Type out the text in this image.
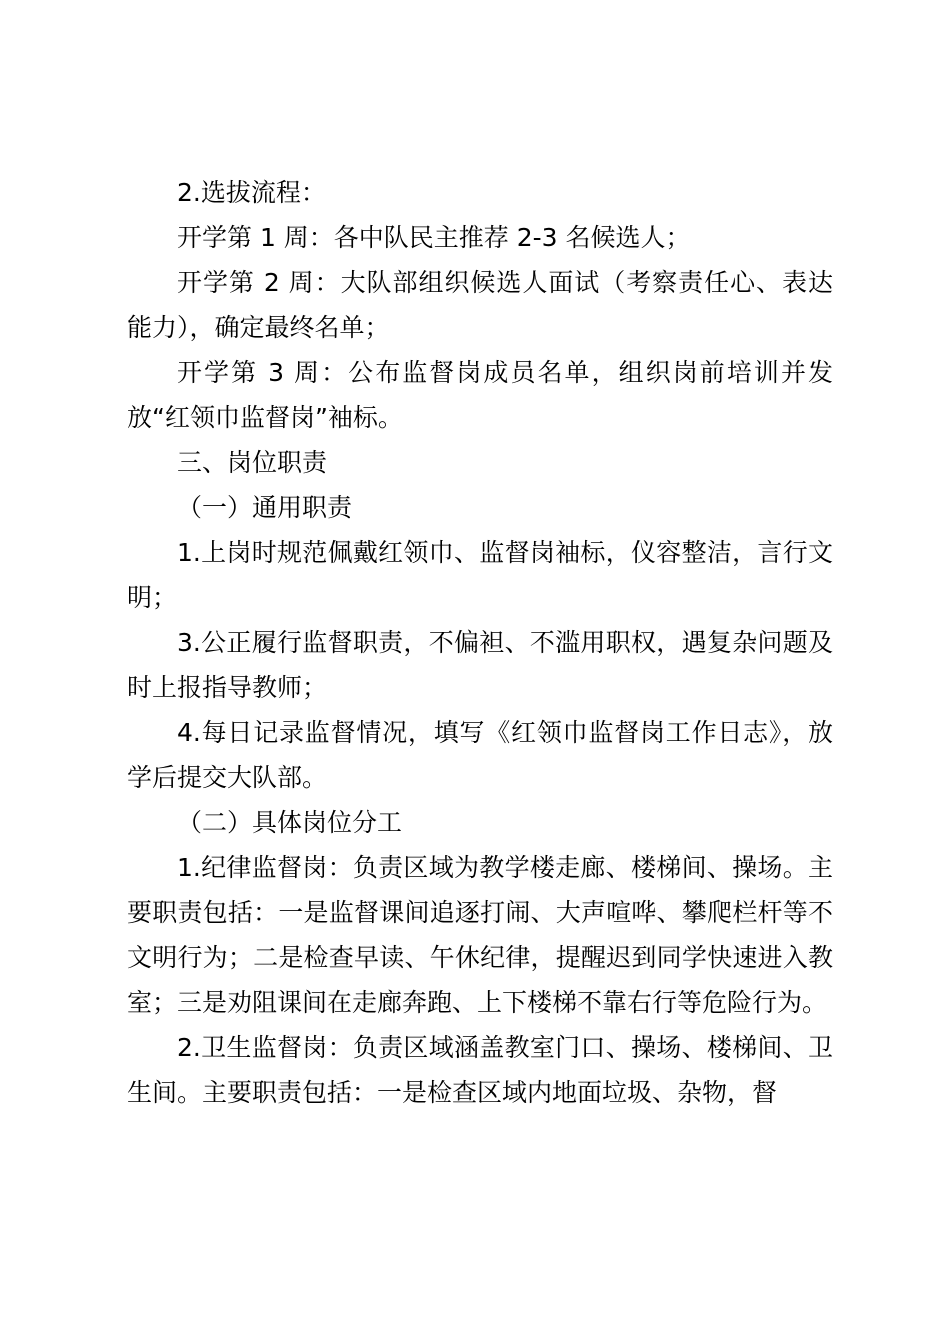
2.选拔流程：

开学第 1 周：各中队民主推荐 2-3 名候选人；

开学第 2 周：大队部组织候选人面试（考察责任心、表达能力），确定最终名单；

开学第 3 周：公布监督岗成员名单，组织岗前培训并发放“红领巾监督岗”袖标。

三、岗位职责

（一）通用职责

1.上岗时规范佩戴红领巾、监督岗袖标，仪容整洁，言行文明；

3.公正履行监督职责，不偏袒、不滥用职权，遇复杂问题及时上报指导教师；

4.每日记录监督情况，填写《红领巾监督岗工作日志》，放学后提交大队部。

（二）具体岗位分工

1.纪律监督岗：负责区域为教学楼走廊、楼梯间、操场。主要职责包括：一是监督课间追逐打闹、大声喧哗、攀爬栏杆等不文明行为；二是检查早读、午休纪律，提醒迟到同学快速进入教室；三是劝阻课间在走廊奔跑、上下楼梯不靠右行等危险行为。

2.卫生监督岗：负责区域涵盖教室门口、操场、楼梯间、卫生间。主要职责包括：一是检查区域内地面垃圾、杂物，督
